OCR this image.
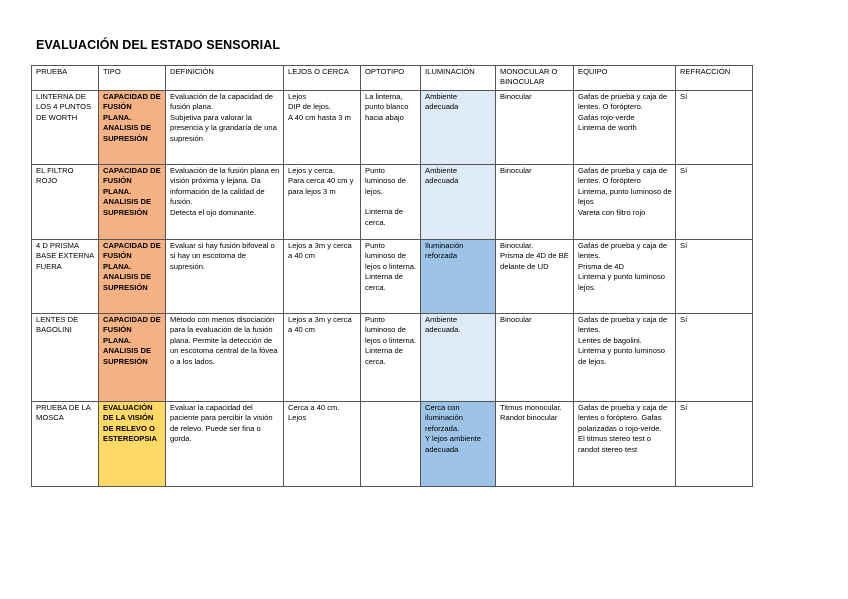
EVALUACIÓN DEL ESTADO SENSORIAL
PRUEBA	TIPO	DEFINICIÓN	LEJOS O CERCA	OPTOTIPO	ILUMINACIÓN	MONOCULAR O BINOCULAR	EQUIPO	REFRACCIÓN
LINTERNA DE LOS 4 PUNTOS DE WORTH	CAPACIDAD DE FUSIÓN PLANA. ANALISIS DE SUPRESIÓN	Evaluación de la capacidad de fusión plana.
Subjetiva para valorar la presencia y la grandaría de una supresión	Lejos
DIP de lejos.
A 40 cm hasta 3 m	La linterna, punto blanco hacia abajo	Ambiente adecuada	Binocular	Gafas de prueba y caja de lentes. O foróptero.
Gafas rojo-verde
Linterna de worth	Sí
EL FILTRO ROJO	CAPACIDAD DE FUSIÓN PLANA. ANALISIS DE SUPRESIÓN	Evaluación de la fusión plana en visión próxima y lejana. Da información de la calidad de fusión.
Detecta el ojo dominante.	Lejos y cerca.
Para cerca 40 cm y para lejos 3 m	Punto luminoso de lejos.
Linterna de cerca.	Ambiente adecuada	Binocular	Gafas de prueba y caja de lentes. O foróptero
Linterna, punto luminoso de lejos
Vareta con filtro rojo	Sí
4 D PRISMA BASE EXTERNA FUERA	CAPACIDAD DE FUSIÓN PLANA. ANALISIS DE SUPRESIÓN	Evaluar si hay fusión bifoveal o si hay un escotoma de supresión.	Lejos a 3m y cerca a 40 cm	Punto luminoso de lejos o linterna.
Linterna de cerca.	Iluminación reforzada	Binocular.
Prisma de 4D de BE delante de UD	Gafas de prueba y caja de lentes.
Prisma de 4D
Linterna y punto luminoso lejos.	Sí
LENTES DE BAGOLINI	CAPACIDAD DE FUSIÓN PLANA. ANALISIS DE SUPRESIÓN	Método con menos disociación para la evaluación de la fusión plana. Permite la detección de un escotoma central de la fóvea o a los lados.	Lejos a 3m y cerca a 40 cm	Punto luminoso de lejos o linterna.
Linterna de cerca.	Ambiente adecuada.	Binocular	Gafas de prueba y caja de lentes.
Lentes de bagolini.
Linterna y punto luminoso de lejos.	Sí
PRUEBA DE LA MOSCA	EVALUACIÓN DE LA VISIÓN DE RELEVO O ESTEREOPSIA	Evaluar la capacidad del paciente para percibir la visión de relevo. Puede ser fina o gorda.	Cerca a 40 cm.
Lejos		Cerca con iluminación reforzada.
Y lejos ambiente adecuada	Titmus monocular.
Randot binocular	Gafas de prueba y caja de lentes o foróptero. Gafas polarizadas o rojo-verde.
El titmus stereo test o randot stereo test	Sí
